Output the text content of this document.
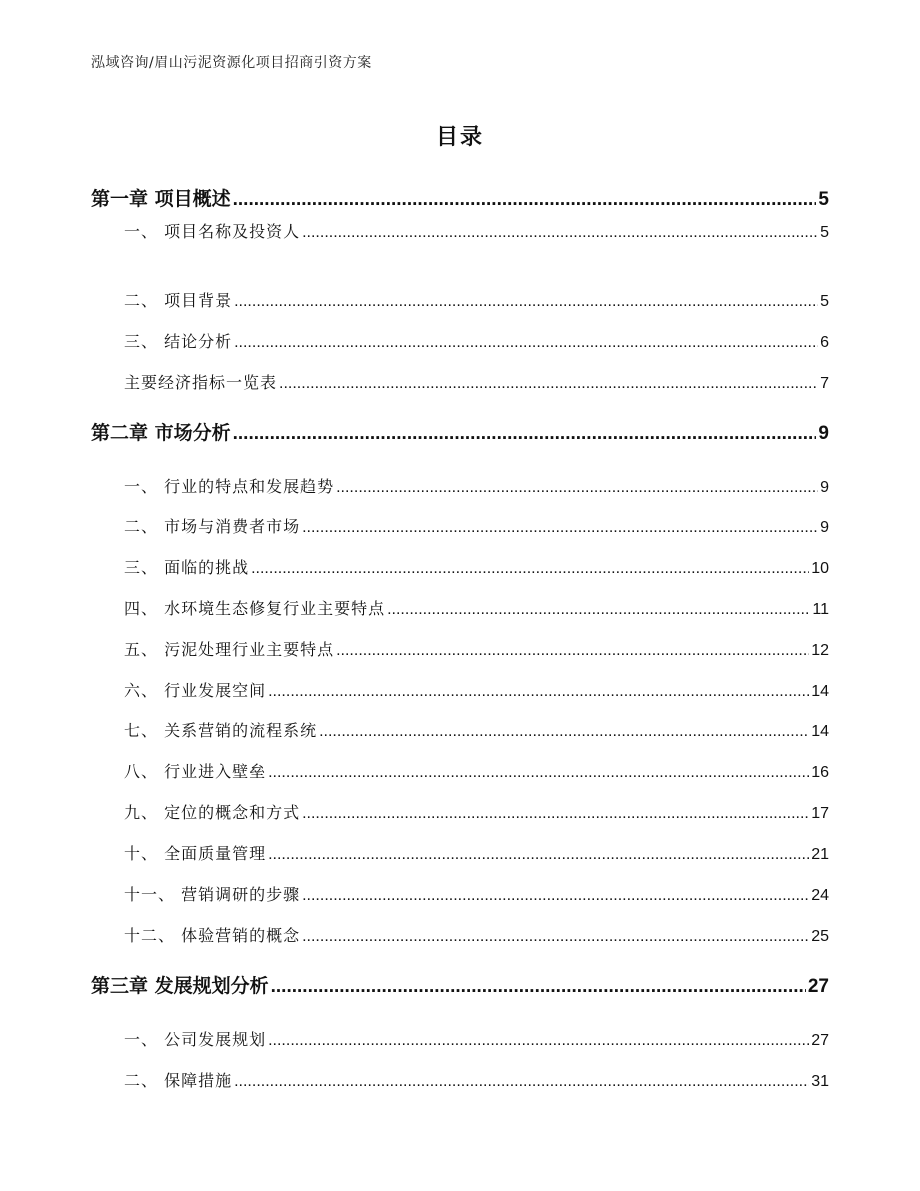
泓域咨询/眉山污泥资源化项目招商引资方案
目录
第一章 项目概述 .....	5
一、 项目名称及投资人 .....	5
二、 项目背景 .....	5
三、 结论分析 .....	6
主要经济指标一览表 .....	7
第二章 市场分析 .....	9
一、 行业的特点和发展趋势 .....	9
二、 市场与消费者市场 .....	9
三、 面临的挑战 .....	10
四、 水环境生态修复行业主要特点 .....	11
五、 污泥处理行业主要特点 .....	12
六、 行业发展空间 .....	14
七、 关系营销的流程系统 .....	14
八、 行业进入壁垒 .....	16
九、 定位的概念和方式 .....	17
十、 全面质量管理 .....	21
十一、 营销调研的步骤 .....	24
十二、 体验营销的概念 .....	25
第三章 发展规划分析 .....	27
一、 公司发展规划 .....	27
二、 保障措施 .....	31
